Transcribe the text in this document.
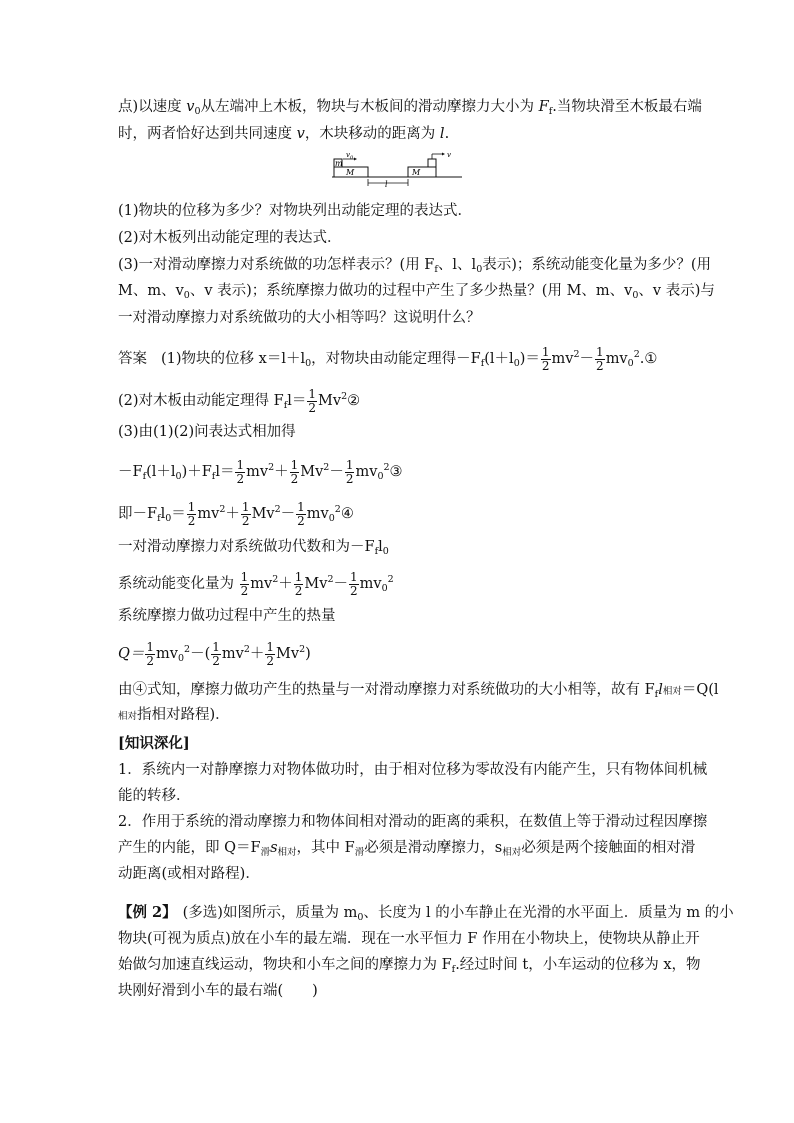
点)以速度 $v_0$从左端冲上木板，物块与木板间的滑动摩擦力大小为 $F_f$.当物块滑至木板最右端
时，两者恰好达到共同速度 v，木块移动的距离为 l.
m
$v_0$
M	M
v
l
(1)物块的位移为多少？对物块列出动能定理的表达式．
(2)对木板列出动能定理的表达式．
(3)一对滑动摩擦力对系统做的功怎样表示？(用 $F_f$、l、$l_0$表示)；系统动能变化量为多少？(用
M、m、$v_0$、v 表示)；系统摩擦力做功的过程中产生了多少热量？(用 M、m、$v_0$、v 表示)与
一对滑动摩擦力对系统做功的大小相等吗？这说明什么？
答案 (1)物块的位移 $x=l+l_0$，对物块由动能定理得$-F_f(l+l_0)= \frac{1}{2} mv^2- \frac{1}{2}$ $mv_0^2.①$
(2)对木板由动能定理得 $F_fl= \frac{1}{2}$ Mv$^2$②
(3)由(1)(2)问表达式相加得
$-F_f(l+l_0)+F_fl= \frac{1}{2} mv^2+ \frac{1}{2} Mv^2- \frac{1}{2}$ $mv_0^2③$
即$-F_fl_0= \frac{1}{2} mv^2+ \frac{1}{2} Mv^2- \frac{1}{2}$ $mv_0^2④$
一对滑动摩擦力对系统做功代数和为$-F_fl_0$
系统动能变化量为 $\frac{1}{2} mv^2+ \frac{1}{2} Mv^2- \frac{1}{2} mv_0^2$
系统摩擦力做功过程中产生的热量
$Q= \frac{1}{2} mv_0^2-( \frac{1}{2} mv^2+ \frac{1}{2} Mv^2)$
由④式知，摩擦力做功产生的热量与一对滑动摩擦力对系统做功的大小相等，故有 $F_fl$相对＝Q(l
相对指相对路程)．
[知识深化]
1．系统内一对静摩擦力对物体做功时，由于相对位移为零故没有内能产生，只有物体间机械
能的转移．
2．作用于系统的滑动摩擦力和物体间相对滑动的距离的乘积，在数值上等于滑动过程因摩擦
产生的内能，即 $Q=F_滑s_{相对}$，其中 $F_滑$必须是滑动摩擦力，$s_{相对}$必须是两个接触面的相对滑
动距离(或相对路程)．
【例 2】 (多选)如图所示，质量为 $m_0$、长度为 l 的小车静止在光滑的水平面上．质量为 m 的小
物块(可视为质点)放在小车的最左端．现在一水平恒力 F 作用在小物块上，使物块从静止开
始做匀加速直线运动，物块和小车之间的摩擦力为 $F_f$.经过时间 t，小车运动的位移为 x，物
块刚好滑到小车的最右端(　　)
